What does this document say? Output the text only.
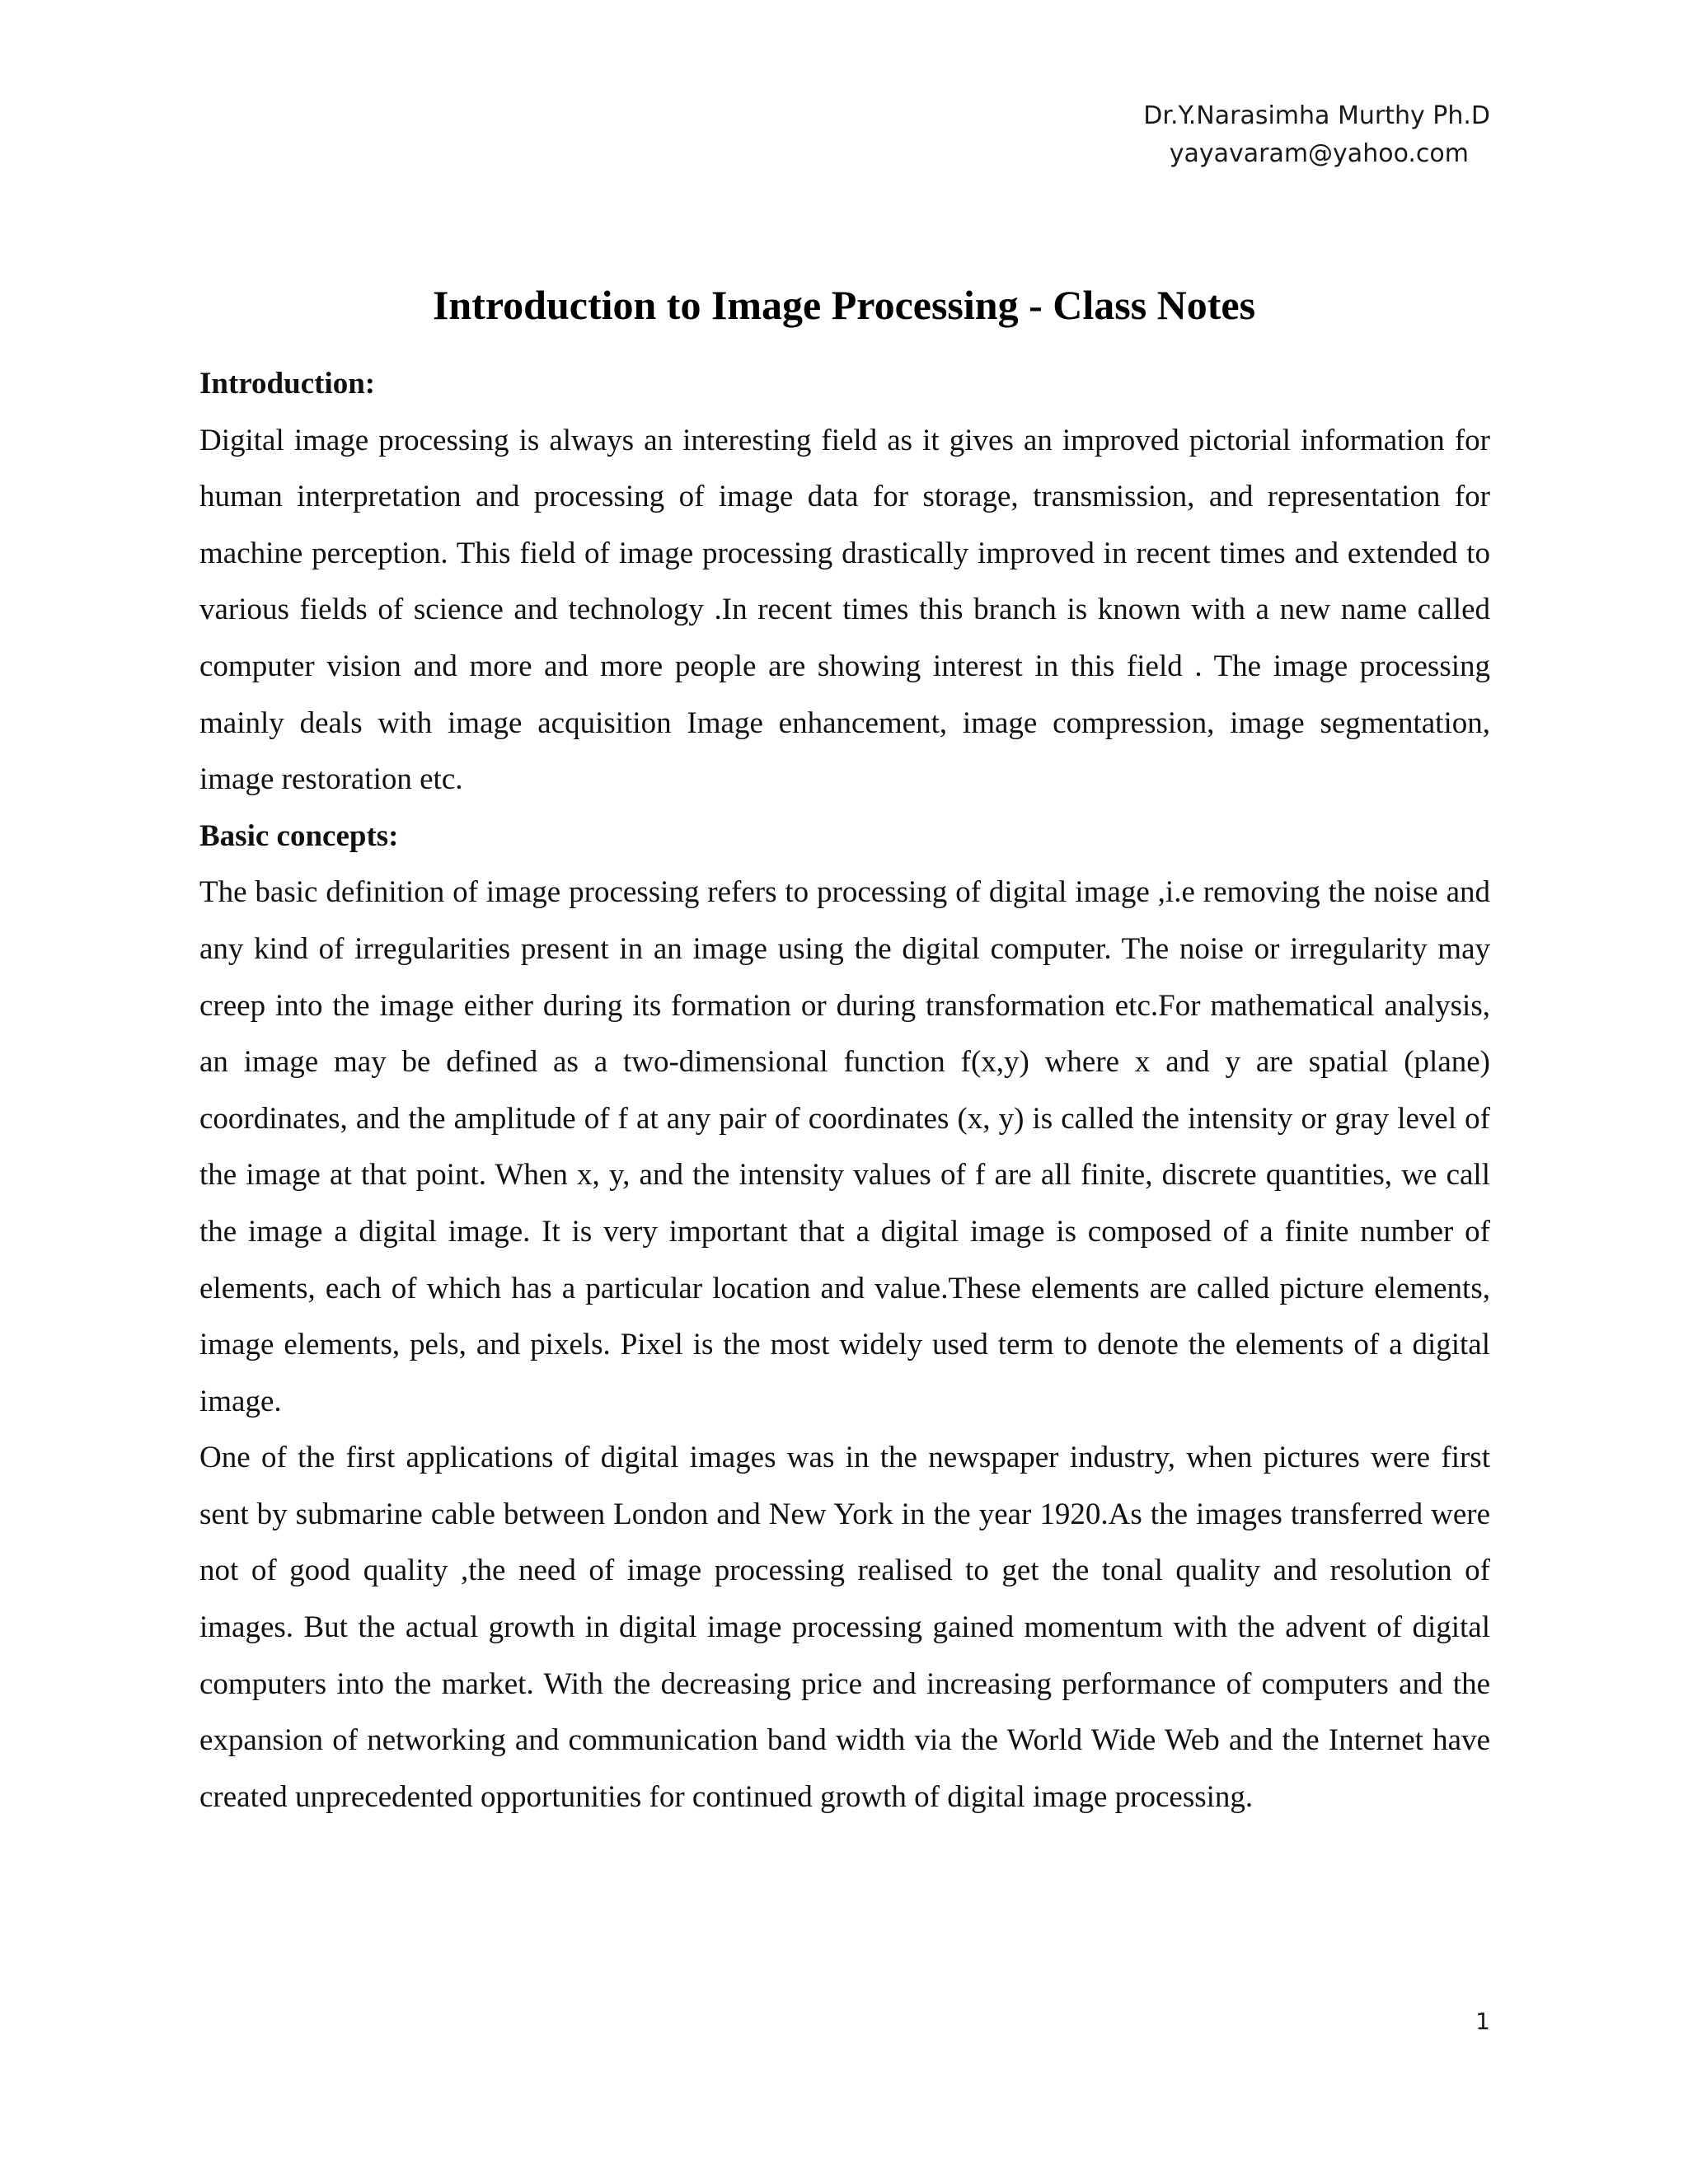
Dr.Y.Narasimha Murthy Ph.D
yayavaram@yahoo.com
Introduction to Image Processing - Class Notes
Introduction:

Digital image processing is always an interesting field as it gives an improved pictorial information for human interpretation and processing of image data for storage, transmission, and representation for machine perception. This field of image processing drastically improved in recent times and extended to various fields of science and technology .In recent times this branch is known with a new name called computer vision and more and more people are showing interest in this field . The image processing mainly deals with image acquisition Image enhancement, image compression, image segmentation, image restoration etc.

Basic concepts:

The basic definition of image processing refers to processing of digital image ,i.e removing the noise and any kind of irregularities present in an image using the digital computer. The noise or irregularity may creep into the image either during its formation or during transformation etc.For mathematical analysis, an image may be defined as a two-dimensional function f(x,y) where x and y are spatial (plane) coordinates, and the amplitude of f at any pair of coordinates (x, y) is called the intensity or gray level of the image at that point. When x, y, and the intensity values of f are all finite, discrete quantities, we call the image a digital image. It is very important that a digital image is composed of a finite number of elements, each of which has a particular location and value.These elements are called picture elements, image elements, pels, and pixels. Pixel is the most widely used term to denote the elements of a digital image.

One of the first applications of digital images was in the newspaper industry, when pictures were first sent by submarine cable between London and New York in the year 1920.As the images transferred were not of good quality ,the need of image processing realised to get the tonal quality and resolution of images. But the actual growth in digital image processing gained momentum with the advent of digital computers into the market. With the decreasing price and increasing performance of computers and the expansion of networking and communication band width via the World Wide Web and the Internet have created unprecedented opportunities for continued growth of digital image processing.

1
